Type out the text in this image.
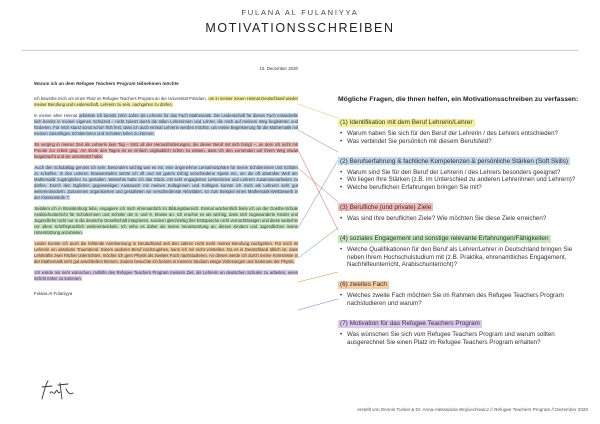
FULANA AL FULANIYYA
MOTIVATIONSSCHREIBEN
10. December 2020
Warum ich an dem Refugee Teachers Program teilnehmen möchte
Ich bewerbe mich um einen Platz im Refugee Teachers Program an der Universität Potsdam, um in meiner neuen Heimat Deutschland wieder meiner Berufung und Leidenschaft, Lehrerin zu sein, nachgehen zu dürfen.
In meiner alten Heimat arbeitete ich bereits zehn Jahre als Lehrerin für das Fach Mathematik. Die Leidenschaft für dieses Fach entwickelte sich bereits in meiner eigenen Schulzeit – nicht zuletzt durch die tollen Lehrerinnen und Lehrer, die mich auf meinem Weg begleiteten und förderten. Für mich stand somit schon früh fest, dass ich auch einmal Lehrerin werden möchte, um meine Begeisterung für die Mathematik mit meinen zukünftigen Schülerinnen und Schülern teilen zu können.
Es verging in meiner Zeit als Lehrerin kein Tag – trotz all der Herausforderungen, die dieser Beruf mit sich bringt –, an dem ich nicht mit Freude zur Arbeit ging. Am Ende des Tages ist es einfach unglaublich schön zu wissen, dass ich den Lernenden auf ihrem Weg etwas beigebracht und sie unterstützt habe.
Auch den Schulalltag genoss ich sehr. Besonders wichtig war es mir, eine angenehme Lernatmosphäre für meine Schülerinnen und Schüler zu schaffen. In den unteren Klassenstufen setzte ich oft und mit gutem Erfolg verschiedene Spiele ein, um die oft abstrakte Welt der Mathematik zugänglicher zu gestalten. Weiterhin hatte ich das Glück, mit sehr engagierten Lehrerinnen und Lehrern zusammenarbeiten zu dürfen. Durch den täglichen gegenseitigen Austausch mit meinen Kolleginnen und Kollegen konnte ich mich als Lehrerin sehr gut weiterentwickeln. Zusammen organisierten und gestalteten wir verschiedenste Aktivitäten, so zum Beispiel einen Mathematik-Wettbewerb in der Klassenstufe 7.
Seitdem ich in Brandenburg lebe, engagiere ich mich ehrenamtlich im Bildungsbereich. Einmal wöchentlich biete ich an der Goethe-Schule Arabischunterricht für Schülerinnen und Schüler der 8. und 9. Klasse an. Ich erachte es als wichtig, dass sich zugewanderte Kinder und Jugendliche nicht nur in die deutsche Gesellschaft integrieren, sondern gleichzeitig ihre Erstsprache nicht vernachlässigen und diese weiterhin vor allem schriftsprachlich weiterentwickeln. Ich sehe es daher als meine Verantwortung an, diesen Kindern und Jugendlichen meine Unterstützung anzubieten.
Leider konnte ich auch die fehlende Anerkennung in Deutschland seit drei Jahren nicht mehr meiner Berufung nachgehen. Für mich ist Lehrerin ein absoluter Traumberuf. Einem anderen Beruf nachzugehen, kann ich mir nicht vorstellen. Da es in Deutschland üblich ist, dass Lehrkräfte zwei Fächer unterrichten, möchte ich gern Physik als zweites Fach nachstudieren. An dieses werde ich durch meine Kenntnisse in der Mathematik sehr gut anschließen können. Zudem besuchte ich bereits in meinem Studium einige Vorlesungen und Seminare der Physik.
Ich würde mir sehr wünschen, mithilfe des Refugee Teachers Program meinem Ziel, als Lehrerin an deutschen Schulen zu arbeiten, einen Schritt näher zu kommen.
Fulana Al Fulaniyya
Mögliche Fragen, die Ihnen helfen, ein Motivationsschreiben zu verfassen:
(1) Identifikation mit dem Beruf Lehrerin/Lehrer
• Warum haben Sie sich für den Beruf der Lehrerin / des Lehrers entschieden?
• Was verbindet Sie persönlich mit diesem Berufsfeld?
(2) Berufserfahrung & fachliche Kompetenzen & persönliche Stärken (Soft Skills)
• Warum sind Sie für den Beruf der Lehrerin / des Lehrers besonders geeignet?
• Wo liegen Ihre Stärken (z.B. im Unterschied zu anderen Lehrerinnen und Lehrern)?
• Welche beruflichen Erfahrungen bringen Sie mit?
(3) Berufliche (und private) Ziele
• Was sind Ihre beruflichen Ziele? Wie möchten Sie diese Ziele erreichen?
(4) soziales Engagement und sonstige relevante Erfahrungen/Fähigkeiten
• Welche Qualifikationen für den Beruf als Lehrer/Lehrer in Deutschland bringen Sie neben Ihrem Hochschulstudium mit (z.B. Praktika, ehrenamtliches Engagement, Nachhilfeunterricht, Arabischunterricht)?
(6) zweites Fach
• Welches zweite Fach möchten Sie im Rahmen des Refugee Teachers Program nachstudieren und warum?
(7) Motivation für das Refugee Teachers Program
• Was wünschen Sie sich vom Refugee Teachers Program und warum sollten ausgerechnet Sie einen Platz im Refugee Teachers Program erhalten?
erstellt von Dennis Tunkel & Dr. Anna-Aleksandra Wojciechowicz // Refugee Teachers Program // Dezember 2020
